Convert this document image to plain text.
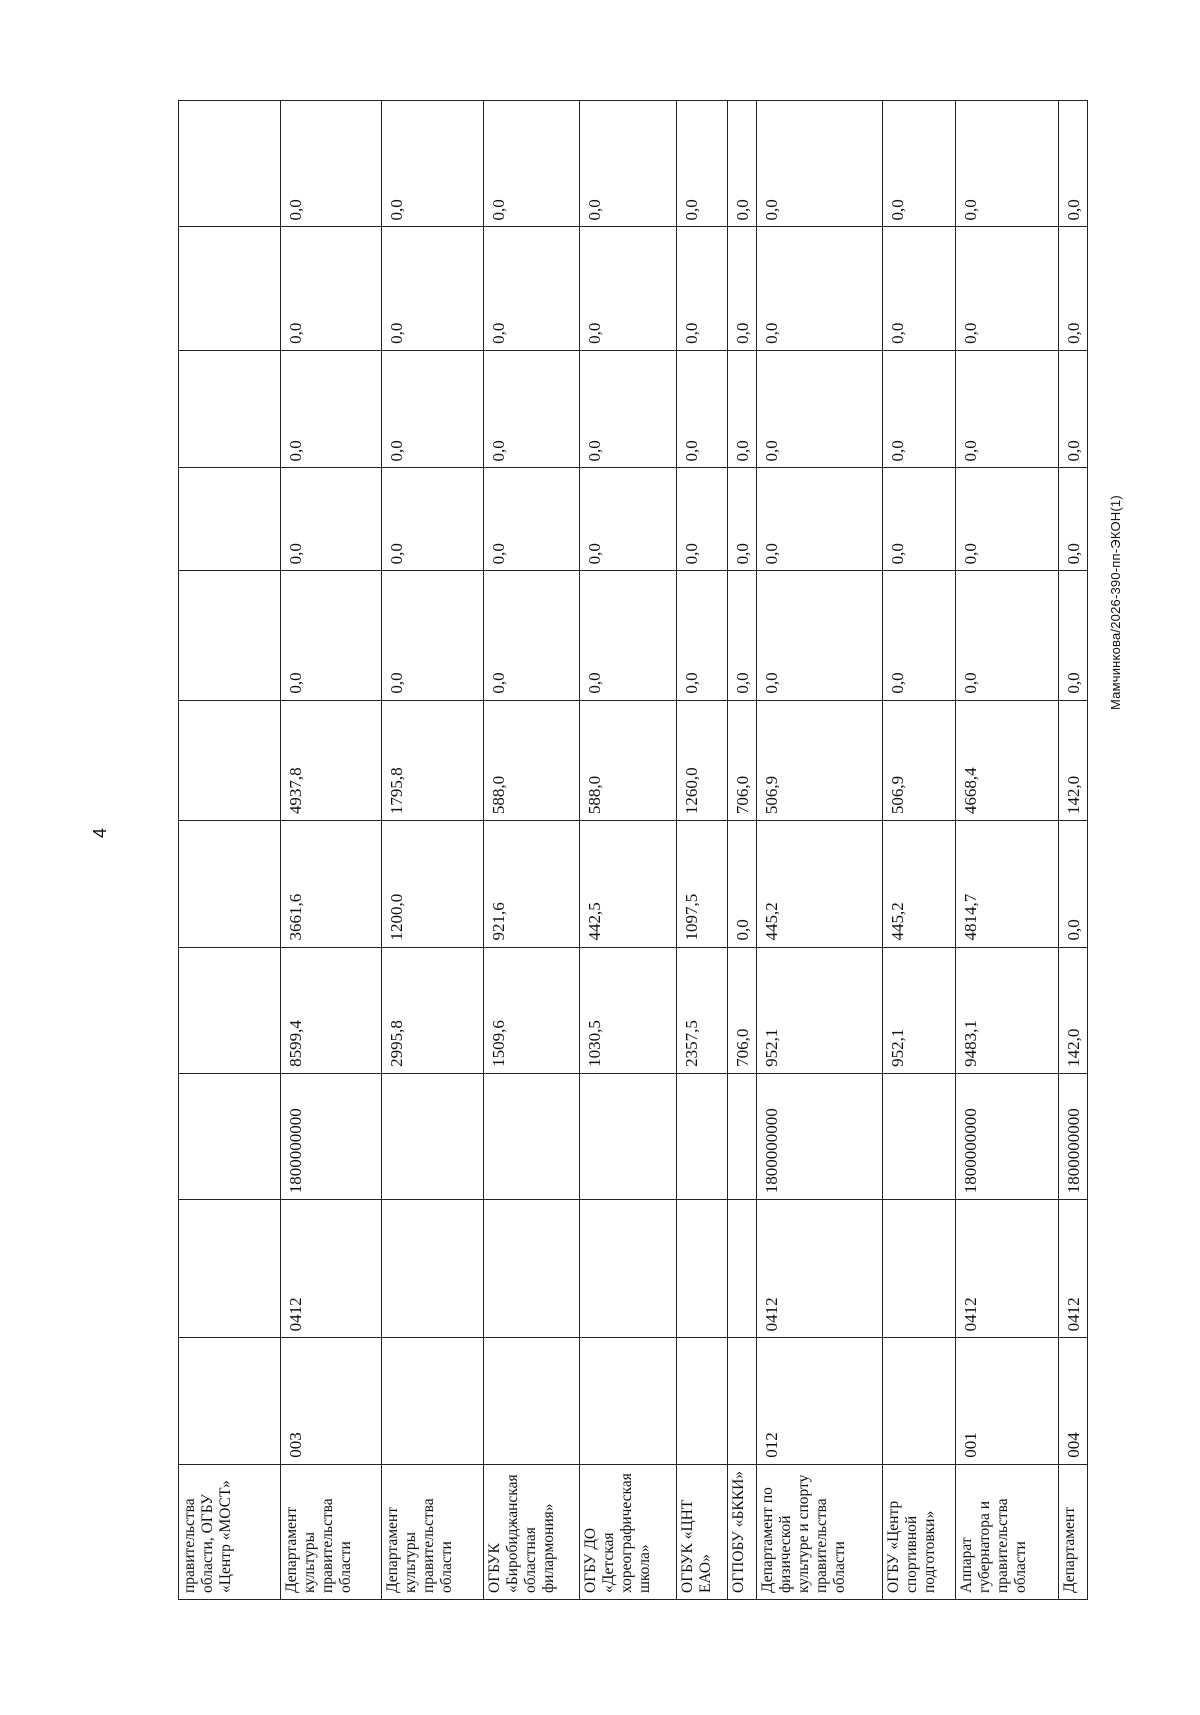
4
правительства области, ОГБУ «Центр «МОСТ»											
Департамент культуры правительства области	003	0412	1800000000	8599,4	3661,6	4937,8	0,0	0,0	0,0	0,0	0,0
Департамент культуры правительства области				2995,8	1200,0	1795,8	0,0	0,0	0,0	0,0	0,0
ОГБУК «Биробиджанская областная филармония»				1509,6	921,6	588,0	0,0	0,0	0,0	0,0	0,0
ОГБУ ДО «Детская хореографическая школа»				1030,5	442,5	588,0	0,0	0,0	0,0	0,0	0,0
ОГБУК «ЦНТ ЕАО»				2357,5	1097,5	1260,0	0,0	0,0	0,0	0,0	0,0
ОГПОБУ «БККИ»				706,0	0,0	706,0	0,0	0,0	0,0	0,0	0,0
Департамент по физической культуре и спорту правительства области	012	0412	1800000000	952,1	445,2	506,9	0,0	0,0	0,0	0,0	0,0
ОГБУ «Центр спортивной подготовки»				952,1	445,2	506,9	0,0	0,0	0,0	0,0	0,0
Аппарат губернатора и правительства области	001	0412	1800000000	9483,1	4814,7	4668,4	0,0	0,0	0,0	0,0	0,0
Департамент	004	0412	1800000000	142,0	0,0	142,0	0,0	0,0	0,0	0,0	0,0
Мамчинкова/2026-390-пп-ЭКОН(1)
